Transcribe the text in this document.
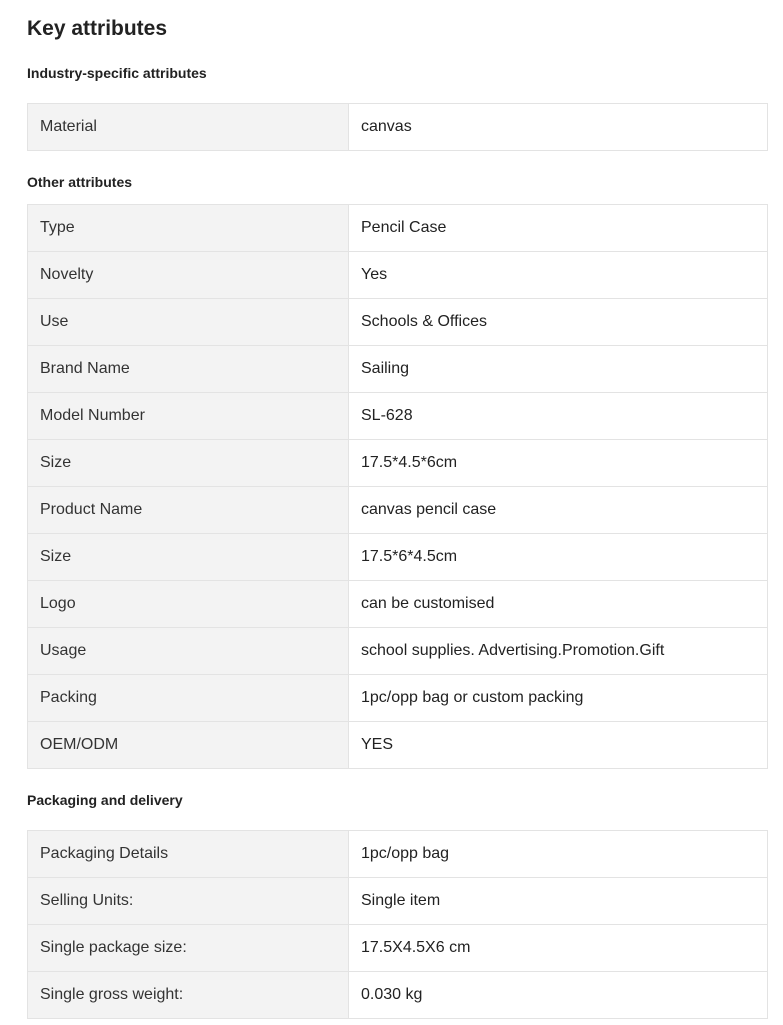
Key attributes
Industry-specific attributes
Material	canvas
Other attributes
Type	Pencil Case
Novelty	Yes
Use	Schools & Offices
Brand Name	Sailing
Model Number	SL-628
Size	17.5*4.5*6cm
Product Name	canvas pencil case
Size	17.5*6*4.5cm
Logo	can be customised
Usage	school supplies. Advertising.Promotion.Gift
Packing	1pc/opp bag or custom packing
OEM/ODM	YES
Packaging and delivery
Packaging Details	1pc/opp bag
Selling Units:	Single item
Single package size:	17.5X4.5X6 cm
Single gross weight:	0.030 kg
